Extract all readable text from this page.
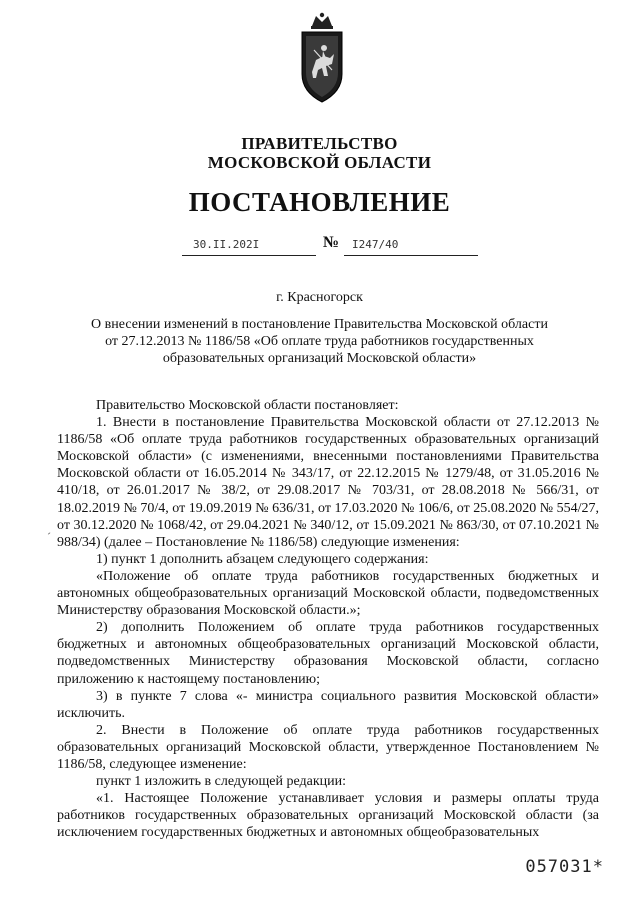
ПРАВИТЕЛЬСТВО
МОСКОВСКОЙ ОБЛАСТИ
ПОСТАНОВЛЕНИЕ
30.II.202I	№ I247/40
г. Красногорск
О внесении изменений в постановление Правительства Московской области
от 27.12.2013 № 1186/58 «Об оплате труда работников государственных
образовательных организаций Московской области»
ˊ

Правительство Московской области постановляет:

1. Внести в постановление Правительства Московской области от 27.12.2013 № 1186/58 «Об оплате труда работников государственных образовательных организаций Московской области» (с изменениями, внесенными постановлениями Правительства Московской области от 16.05.2014 № 343/17, от 22.12.2015 № 1279/48, от 31.05.2016 № 410/18, от 26.01.2017 № 38/2, от 29.08.2017 № 703/31, от 28.08.2018 № 566/31, от 18.02.2019 № 70/4, от 19.09.2019 № 636/31, от 17.03.2020 № 106/6, от 25.08.2020 № 554/27, от 30.12.2020 № 1068/42, от 29.04.2021 № 340/12, от 15.09.2021 № 863/30, от 07.10.2021 № 988/34) (далее – Постановление № 1186/58) следующие изменения:

1) пункт 1 дополнить абзацем следующего содержания:

«Положение об оплате труда работников государственных бюджетных и автономных общеобразовательных организаций Московской области, подведомственных Министерству образования Московской области.»;

2) дополнить Положением об оплате труда работников государственных бюджетных и автономных общеобразовательных организаций Московской области, подведомственных Министерству образования Московской области, согласно приложению к настоящему постановлению;

3) в пункте 7 слова «- министра социального развития Московской области» исключить.

2. Внести в Положение об оплате труда работников государственных образовательных организаций Московской области, утвержденное Постановлением № 1186/58, следующее изменение:

пункт 1 изложить в следующей редакции:

«1. Настоящее Положение устанавливает условия и размеры оплаты труда работников государственных образовательных организаций Московской области (за исключением государственных бюджетных и автономных общеобразовательных

057031*
